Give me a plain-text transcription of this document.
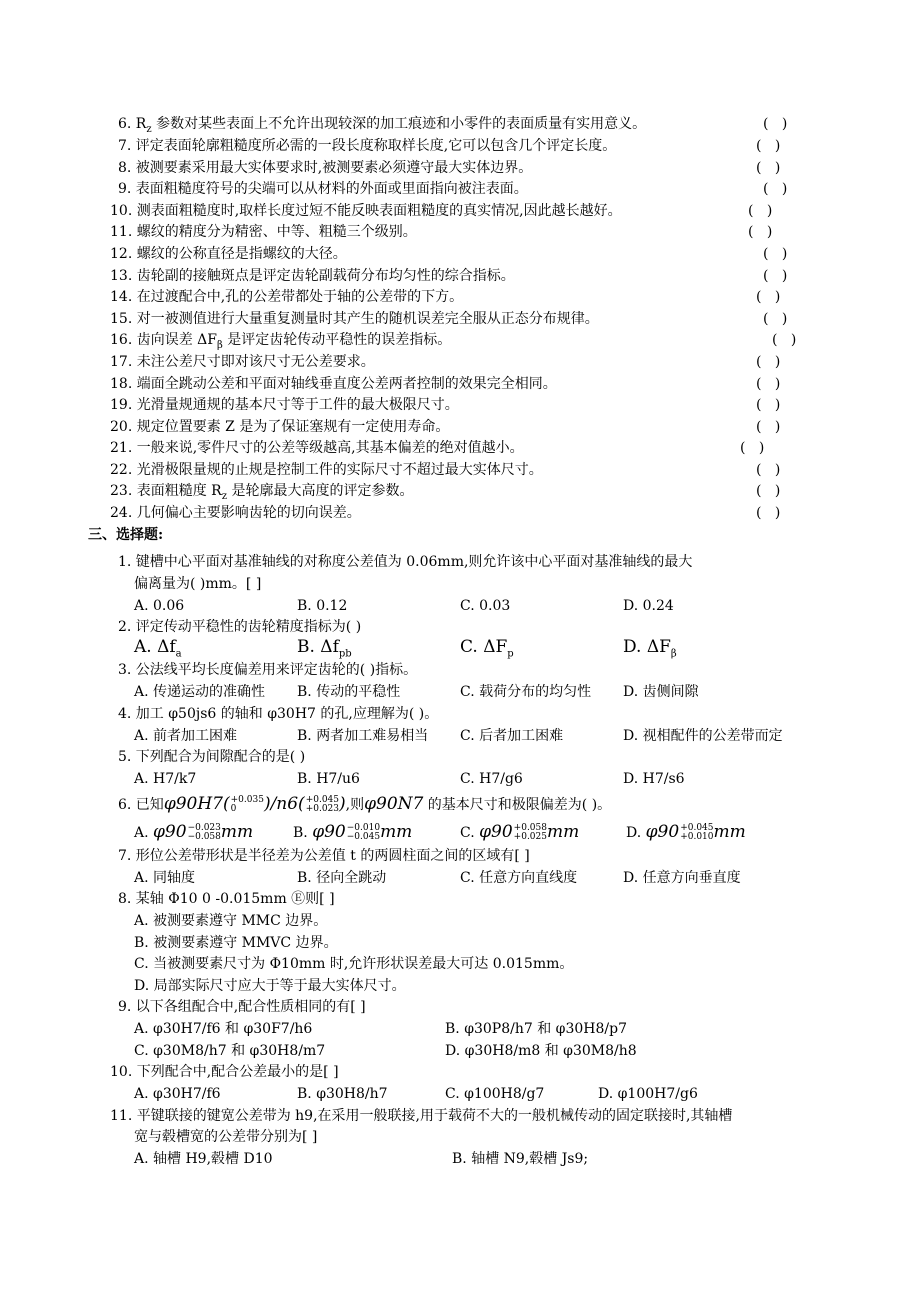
6. $R_z$ 参数对某些表面上不允许出现较深的加工痕迹和小零件的表面质量有实用意义。	(   )
7. 评定表面轮廓粗糙度所必需的一段长度称取样长度,它可以包含几个评定长度。	(   )
8. 被测要素采用最大实体要求时,被测要素必须遵守最大实体边界。	(   )
9. 表面粗糙度符号的尖端可以从材料的外面或里面指向被注表面。	(   )
10. 测表面粗糙度时,取样长度过短不能反映表面粗糙度的真实情况,因此越长越好。	(   )
11. 螺纹的精度分为精密、中等、粗糙三个级别。	(   )
12. 螺纹的公称直径是指螺纹的大径。	(   )
13. 齿轮副的接触斑点是评定齿轮副载荷分布均匀性的综合指标。	(   )
14. 在过渡配合中,孔的公差带都处于轴的公差带的下方。	(   )
15. 对一被测值进行大量重复测量时其产生的随机误差完全服从正态分布规律。	(   )
16. 齿向误差 $\Delta F_\beta$ 是评定齿轮传动平稳性的误差指标。	(   )
17. 未注公差尺寸即对该尺寸无公差要求。	(   )
18. 端面全跳动公差和平面对轴线垂直度公差两者控制的效果完全相同。	(   )
19. 光滑量规通规的基本尺寸等于工件的最大极限尺寸。	(   )
20. 规定位置要素 Z 是为了保证塞规有一定使用寿命。	(   )
21. 一般来说,零件尺寸的公差等级越高,其基本偏差的绝对值越小。	(   )
22. 光滑极限量规的止规是控制工件的实际尺寸不超过最大实体尺寸。	(   )
23. 表面粗糙度 $R_z$ 是轮廓最大高度的评定参数。	(   )
24. 几何偏心主要影响齿轮的切向误差。	(   )
三、选择题:
1. 键槽中心平面对基准轴线的对称度公差值为 0.06mm,则允许该中心平面对基准轴线的最大
偏离量为( )mm。[ ]
A. 0.06	B. 0.12	C. 0.03	D. 0.24
2. 评定传动平稳性的齿轮精度指标为( )
A. $\Delta f_a$	B. $\Delta f_{pb}$	C. $\Delta F_p$	D. $\Delta F_\beta$
3. 公法线平均长度偏差用来评定齿轮的( )指标。
A. 传递运动的准确性 B. 传动的平稳性	C. 载荷分布的均匀性 D. 齿侧间隙
4. 加工 φ50js6 的轴和 φ30H7 的孔,应理解为( )。
A. 前者加工困难	B. 两者加工难易相当 C. 后者加工困难	D. 视相配件的公差带而定
5. 下列配合为间隙配合的是( )
A. H7/k7	B. H7/u6	C. H7/g6	D. H7/s6
6. 已知φ90H7( +0.035
0	)/n6( +0.045
+0.023 ),则φ90N7 的基本尺寸和极限偏差为( )。
A. φ90 −0.023
−0.058 mm	B. φ90 −0.010
−0.045 mm	C. φ90 +0.058
+0.025 mm	D. φ90 +0.045
+0.010 mm
7. 形位公差带形状是半径差为公差值 t 的两圆柱面之间的区域有[ ]
A. 同轴度	B. 径向全跳动	C. 任意方向直线度	D. 任意方向垂直度
8. 某轴 Φ10 0 -0.015mm Ⓔ则[ ]
A. 被测要素遵守 MMC 边界。
B. 被测要素遵守 MMVC 边界。
C. 当被测要素尺寸为 Φ10mm 时,允许形状误差最大可达 0.015mm。
D. 局部实际尺寸应大于等于最大实体尺寸。
9. 以下各组配合中,配合性质相同的有[ ]
A. φ30H7/f6 和 φ30F7/h6	B. φ30P8/h7 和 φ30H8/p7
C. φ30M8/h7 和 φ30H8/m7	D. φ30H8/m8 和 φ30M8/h8
10. 下列配合中,配合公差最小的是[ ]
A. φ30H7/f6	B. φ30H8/h7	C. φ100H8/g7	D. φ100H7/g6
11. 平键联接的键宽公差带为 h9,在采用一般联接,用于载荷不大的一般机械传动的固定联接时,其轴槽
宽与毂槽宽的公差带分别为[ ]
A. 轴槽 H9,毂槽 D10	B. 轴槽 N9,毂槽 Js9;
